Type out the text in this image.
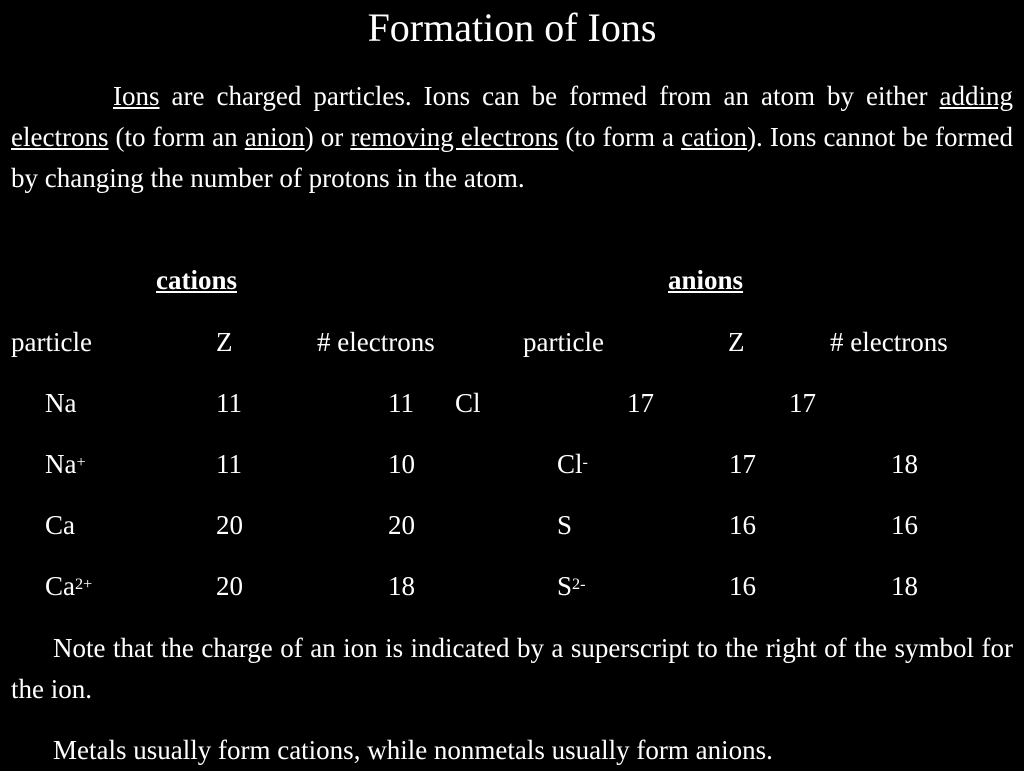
Formation of Ions
Ions are charged particles. Ions can be formed from an atom by either adding electrons (to form an anion) or removing electrons (to form a cation). Ions cannot be formed by changing the number of protons in the atom.
cations	anions
particle	Z	# electrons	particle	Z	# electrons
Na	11	11 Cl	17	17
Na+	11	10	Cl-	17	18
Ca	20	20	S	16	16
$Ca^{2+}$	20	18	$S^{2-}$	16	18
Note that the charge of an ion is indicated by a superscript to the right of the symbol for the ion.
Metals usually form cations, while nonmetals usually form anions.
